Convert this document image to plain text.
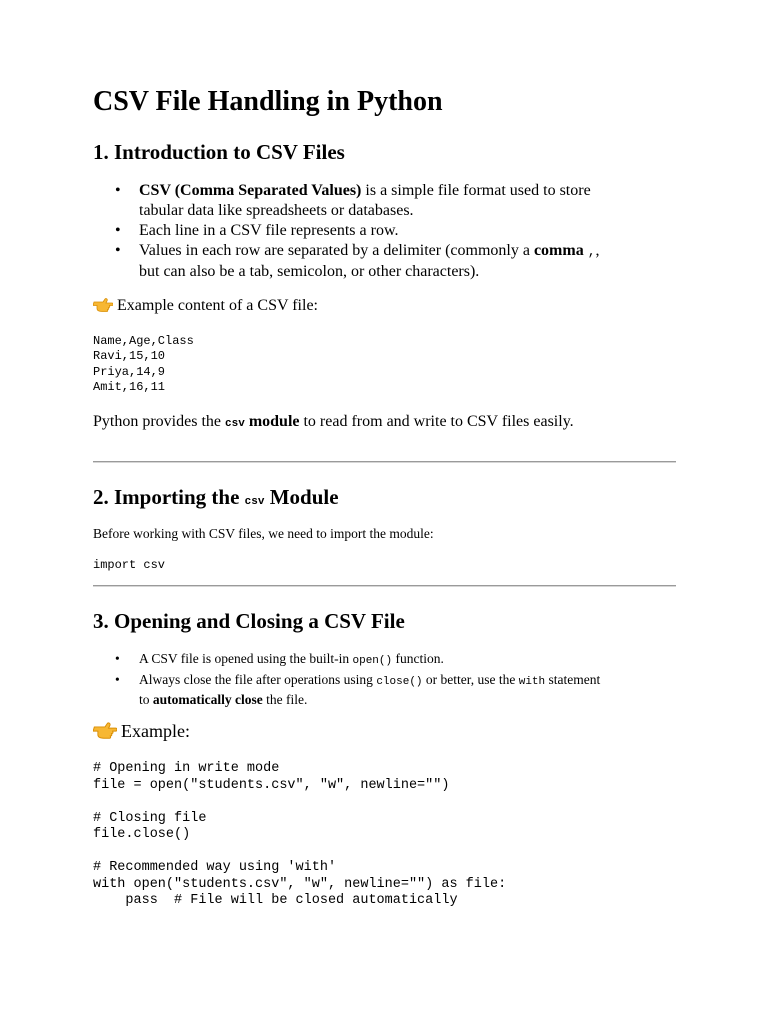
CSV File Handling in Python
1. Introduction to CSV Files
• CSV (Comma Separated Values) is a simple file format used to store
tabular data like spreadsheets or databases.
• Each line in a CSV file represents a row.
• Values in each row are separated by a delimiter (commonly a comma ,,
but can also be a tab, semicolon, or other characters).

Example content of a CSV file:

Name,Age,Class
Ravi,15,10
Priya,14,9
Amit,16,11

Python provides the csv module to read from and write to CSV files easily.

2. Importing the csv Module

Before working with CSV files, we need to import the module:

import csv
3. Opening and Closing a CSV File
• A CSV file is opened using the built-in open() function.
• Always close the file after operations using close() or better, use the with statement
to automatically close the file.

Example:

# Opening in write mode
file = open("students.csv", "w", newline="")

# Closing file
file.close()

# Recommended way using 'with'
with open("students.csv", "w", newline="") as file:
pass  # File will be closed automatically
